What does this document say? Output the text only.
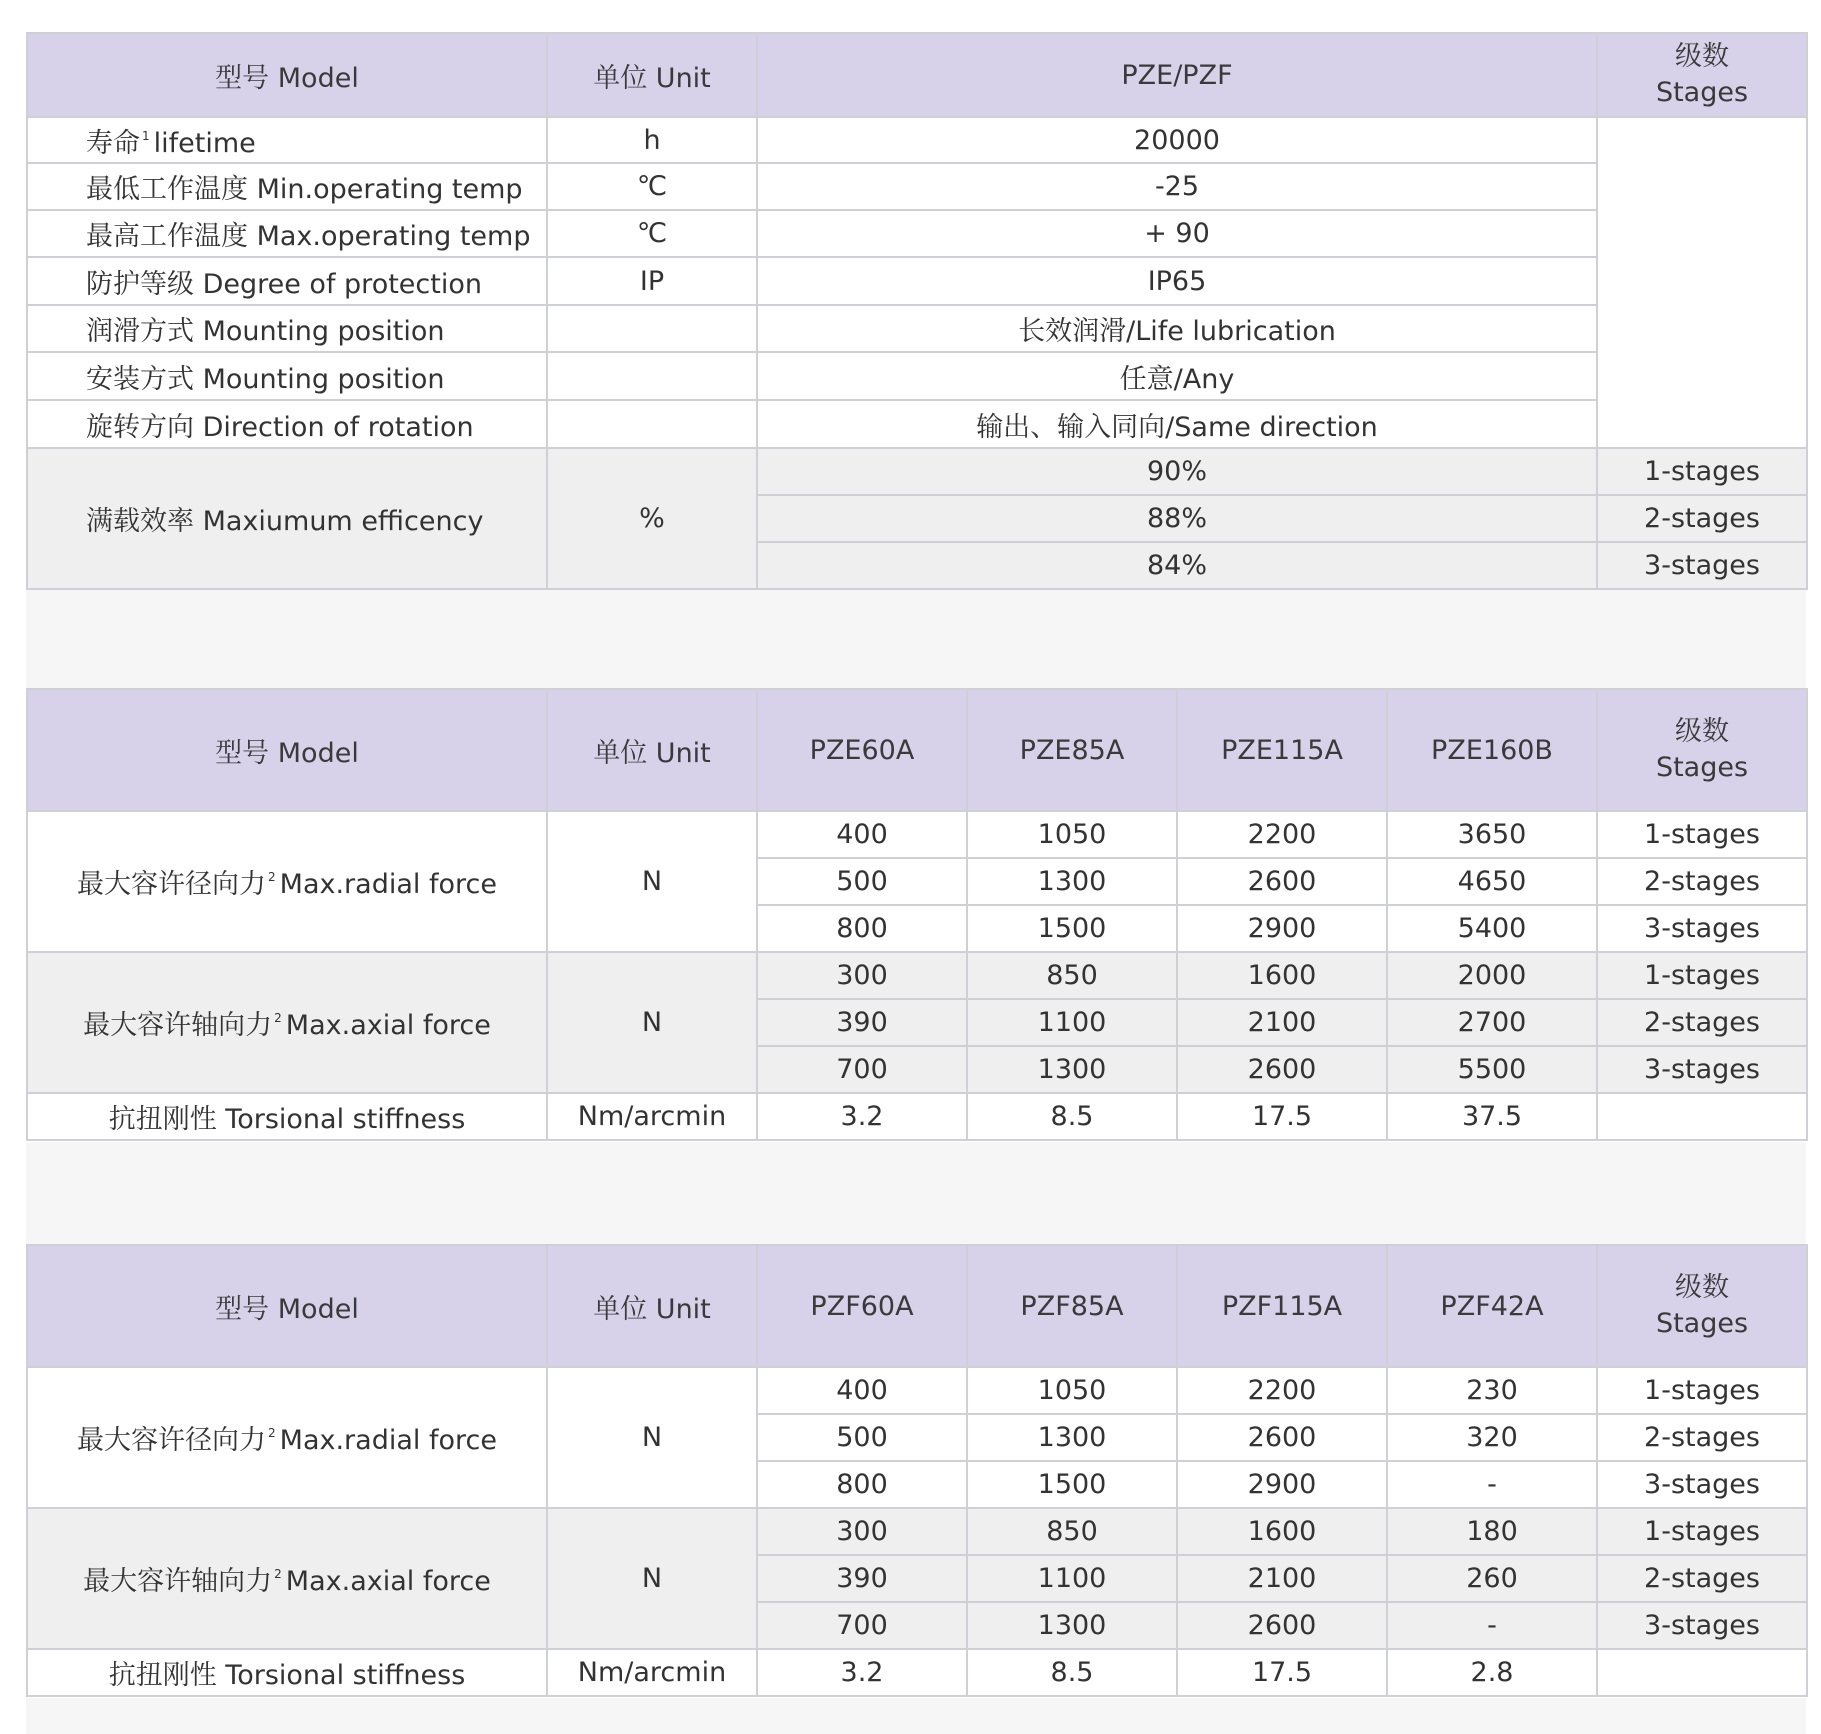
型号 Model	单位 Unit	PZE/PZF	级数
Stages
寿命 $^1$ lifetime	h	20000	
最低工作温度 Min.operating temp	℃	-25	
最高工作温度 Max.operating temp	℃	+ 90	
防护等级 Degree of protection	IP	IP65	
润滑方式 Mounting position		长效润滑/Life lubrication	
安装方式 Mounting position		任意/Any	
旋转方向 Direction of rotation		输出、输入同向/Same direction	
满载效率 Maxiumum efficency	%	90%	1-stages
		88%	2-stages
		84%	3-stages
型号 Model	单位 Unit	PZE60A	PZE85A	PZE115A	PZE160B	级数
Stages
最大容许径向力 $^2$ Max.radial force	N	400	1050	2200	3650	1-stages
		500	1300	2600	4650	2-stages
		800	1500	2900	5400	3-stages
最大容许轴向力 $^2$ Max.axial force	N	300	850	1600	2000	1-stages
		390	1100	2100	2700	2-stages
		700	1300	2600	5500	3-stages
抗扭刚性 Torsional stiffness	Nm/arcmin	3.2	8.5	17.5	37.5	
型号 Model	单位 Unit	PZF60A	PZF85A	PZF115A	PZF42A	级数
Stages
最大容许径向力 $^2$ Max.radial force	N	400	1050	2200	230	1-stages
		500	1300	2600	320	2-stages
		800	1500	2900	-	3-stages
最大容许轴向力 $^2$ Max.axial force	N	300	850	1600	180	1-stages
		390	1100	2100	260	2-stages
		700	1300	2600	-	3-stages
抗扭刚性 Torsional stiffness	Nm/arcmin	3.2	8.5	17.5	2.8	
